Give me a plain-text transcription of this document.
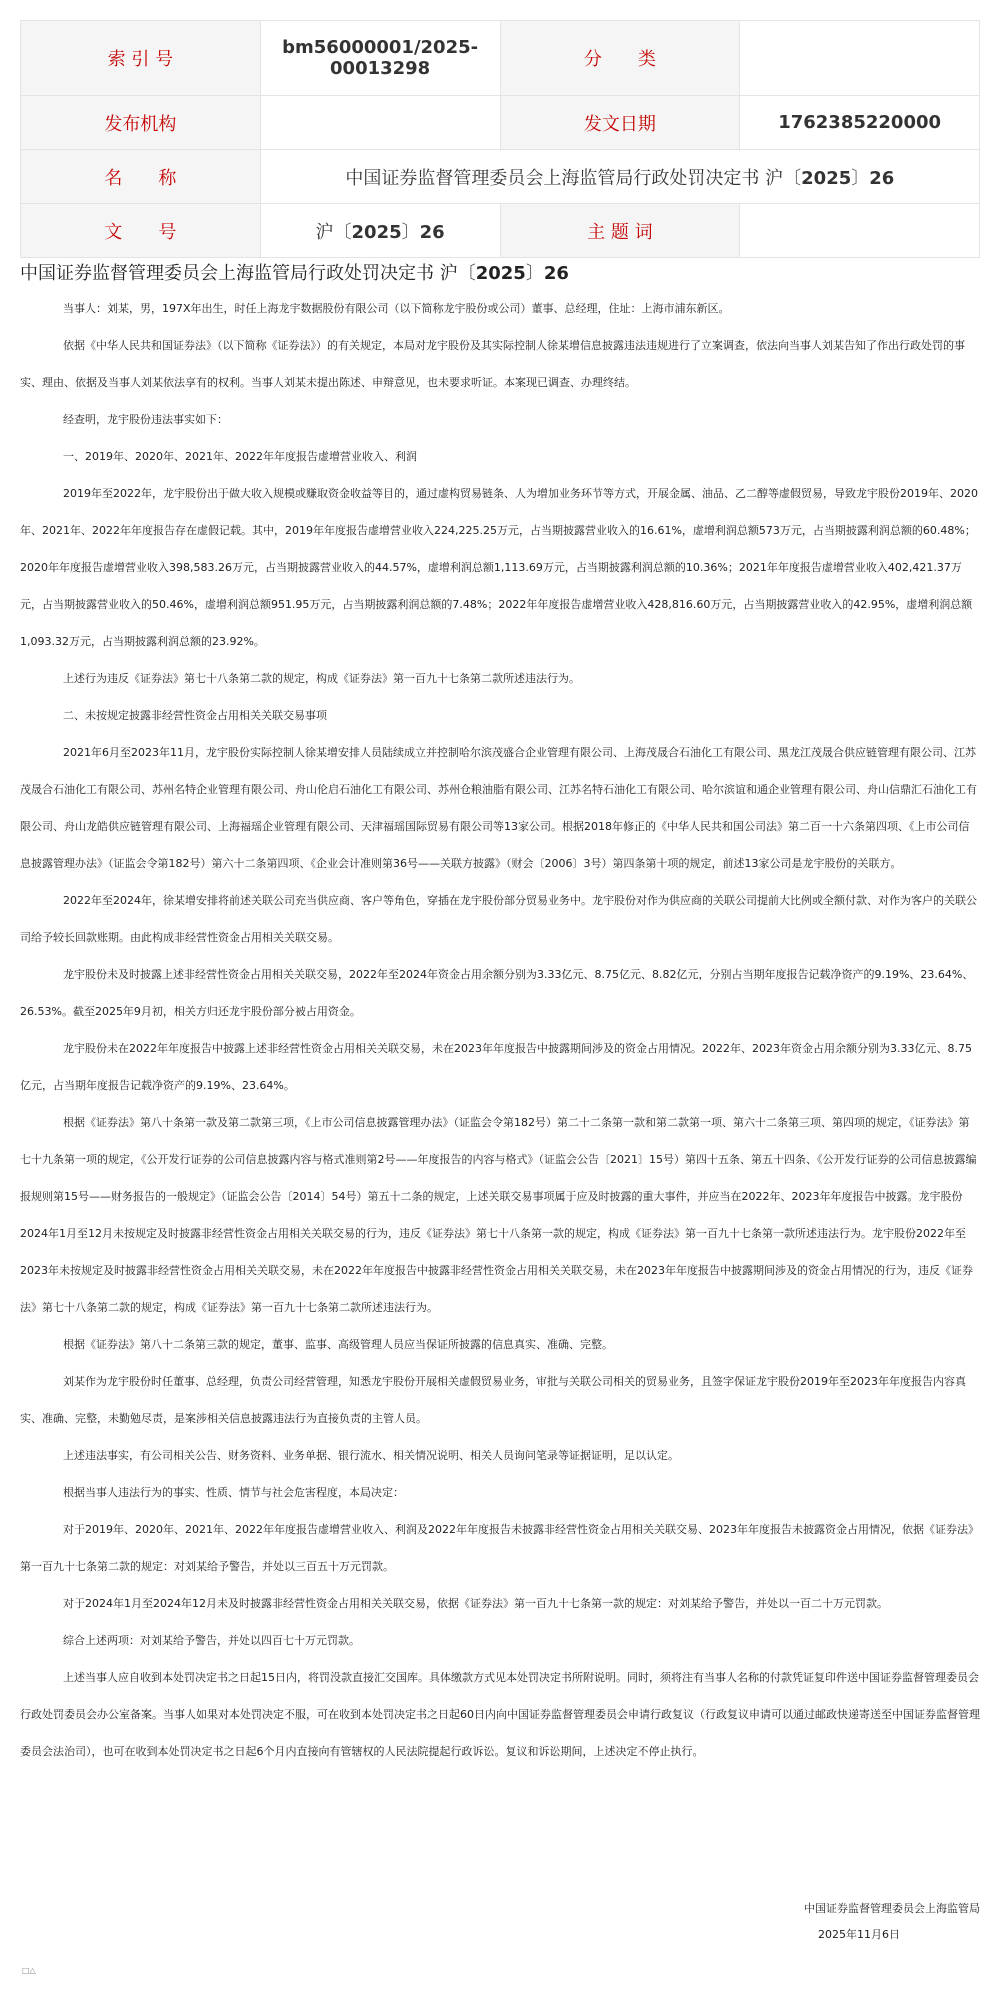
索 引 号	bm56000001/2025-00013298	分　　类	
发布机构		发文日期	1762385220000
名　　称	中国证券监督管理委员会上海监管局行政处罚决定书 沪〔2025〕26		
文　　号	沪〔2025〕26	主 题 词	
中国证券监督管理委员会上海监管局行政处罚决定书 沪〔2025〕26

当事人：刘某，男，197X年出生，时任上海龙宇数据股份有限公司（以下简称龙宇股份或公司）董事、总经理，住址：上海市浦东新区。

依据《中华人民共和国证券法》（以下简称《证券法》）的有关规定，本局对龙宇股份及其实际控制人徐某增信息披露违法违规进行了立案调查，依法向当事人刘某告知了作出行政处罚的事实、理由、依据及当事人刘某依法享有的权利。当事人刘某未提出陈述、申辩意见，也未要求听证。本案现已调查、办理终结。

经查明，龙宇股份违法事实如下：

一、2019年、2020年、2021年、2022年年度报告虚增营业收入、利润

2019年至2022年，龙宇股份出于做大收入规模或赚取资金收益等目的，通过虚构贸易链条、人为增加业务环节等方式，开展金属、油品、乙二醇等虚假贸易，导致龙宇股份2019年、2020年、2021年、2022年年度报告存在虚假记载。其中，2019年年度报告虚增营业收入224,225.25万元，占当期披露营业收入的16.61%，虚增利润总额573万元，占当期披露利润总额的60.48%；2020年年度报告虚增营业收入398,583.26万元，占当期披露营业收入的44.57%，虚增利润总额1,113.69万元，占当期披露利润总额的10.36%；2021年年度报告虚增营业收入402,421.37万元，占当期披露营业收入的50.46%，虚增利润总额951.95万元，占当期披露利润总额的7.48%；2022年年度报告虚增营业收入428,816.60万元，占当期披露营业收入的42.95%，虚增利润总额1,093.32万元，占当期披露利润总额的23.92%。

上述行为违反《证券法》第七十八条第二款的规定，构成《证券法》第一百九十七条第二款所述违法行为。

二、未按规定披露非经营性资金占用相关关联交易事项

2021年6月至2023年11月，龙宇股份实际控制人徐某增安排人员陆续成立并控制哈尔滨茂盛合企业管理有限公司、上海茂晟合石油化工有限公司、黑龙江茂晟合供应链管理有限公司、江苏茂晟合石油化工有限公司、苏州名特企业管理有限公司、舟山伦启石油化工有限公司、苏州仓粮油脂有限公司、江苏名特石油化工有限公司、哈尔滨谊和通企业管理有限公司、舟山信鼎汇石油化工有限公司、舟山龙皓供应链管理有限公司、上海福瑶企业管理有限公司、天津福瑶国际贸易有限公司等13家公司。根据2018年修正的《中华人民共和国公司法》第二百一十六条第四项、《上市公司信息披露管理办法》（证监会令第182号）第六十二条第四项、《企业会计准则第36号——关联方披露》（财会〔2006〕3号）第四条第十项的规定，前述13家公司是龙宇股份的关联方。

2022年至2024年，徐某增安排将前述关联公司充当供应商、客户等角色，穿插在龙宇股份部分贸易业务中。龙宇股份对作为供应商的关联公司提前大比例或全额付款、对作为客户的关联公司给予较长回款账期。由此构成非经营性资金占用相关关联交易。

龙宇股份未及时披露上述非经营性资金占用相关关联交易，2022年至2024年资金占用余额分别为3.33亿元、8.75亿元、8.82亿元，分别占当期年度报告记载净资产的9.19%、23.64%、26.53%。截至2025年9月初，相关方归还龙宇股份部分被占用资金。

龙宇股份未在2022年年度报告中披露上述非经营性资金占用相关关联交易，未在2023年年度报告中披露期间涉及的资金占用情况。2022年、2023年资金占用余额分别为3.33亿元、8.75亿元，占当期年度报告记载净资产的9.19%、23.64%。

根据《证券法》第八十条第一款及第二款第三项，《上市公司信息披露管理办法》（证监会令第182号）第二十二条第一款和第二款第一项、第六十二条第三项、第四项的规定，《证券法》第七十九条第一项的规定，《公开发行证券的公司信息披露内容与格式准则第2号——年度报告的内容与格式》（证监会公告〔2021〕15号）第四十五条、第五十四条、《公开发行证券的公司信息披露编报规则第15号——财务报告的一般规定》（证监会公告〔2014〕54号）第五十二条的规定，上述关联交易事项属于应及时披露的重大事件，并应当在2022年、2023年年度报告中披露。龙宇股份2024年1月至12月未按规定及时披露非经营性资金占用相关关联交易的行为，违反《证券法》第七十八条第一款的规定，构成《证券法》第一百九十七条第一款所述违法行为。龙宇股份2022年至2023年未按规定及时披露非经营性资金占用相关关联交易，未在2022年年度报告中披露非经营性资金占用相关关联交易，未在2023年年度报告中披露期间涉及的资金占用情况的行为，违反《证券法》第七十八条第二款的规定，构成《证券法》第一百九十七条第二款所述违法行为。

根据《证券法》第八十二条第三款的规定，董事、监事、高级管理人员应当保证所披露的信息真实、准确、完整。

刘某作为龙宇股份时任董事、总经理，负责公司经营管理，知悉龙宇股份开展相关虚假贸易业务，审批与关联公司相关的贸易业务，且签字保证龙宇股份2019年至2023年年度报告内容真实、准确、完整，未勤勉尽责，是案涉相关信息披露违法行为直接负责的主管人员。

上述违法事实，有公司相关公告、财务资料、业务单据、银行流水、相关情况说明、相关人员询问笔录等证据证明，足以认定。

根据当事人违法行为的事实、性质、情节与社会危害程度，本局决定：

对于2019年、2020年、2021年、2022年年度报告虚增营业收入、利润及2022年年度报告未披露非经营性资金占用相关关联交易、2023年年度报告未披露资金占用情况，依据《证券法》第一百九十七条第二款的规定：对刘某给予警告，并处以三百五十万元罚款。

对于2024年1月至2024年12月未及时披露非经营性资金占用相关关联交易，依据《证券法》第一百九十七条第一款的规定：对刘某给予警告，并处以一百二十万元罚款。

综合上述两项：对刘某给予警告，并处以四百七十万元罚款。

上述当事人应自收到本处罚决定书之日起15日内，将罚没款直接汇交国库。具体缴款方式见本处罚决定书所附说明。同时，须将注有当事人名称的付款凭证复印件送中国证券监督管理委员会行政处罚委员会办公室备案。当事人如果对本处罚决定不服，可在收到本处罚决定书之日起60日内向中国证券监督管理委员会申请行政复议（行政复议申请可以通过邮政快递寄送至中国证券监督管理委员会法治司），也可在收到本处罚决定书之日起6个月内直接向有管辖权的人民法院提起行政诉讼。复议和诉讼期间，上述决定不停止执行。

中国证券监督管理委员会上海监管局
2025年11月6日
□△
